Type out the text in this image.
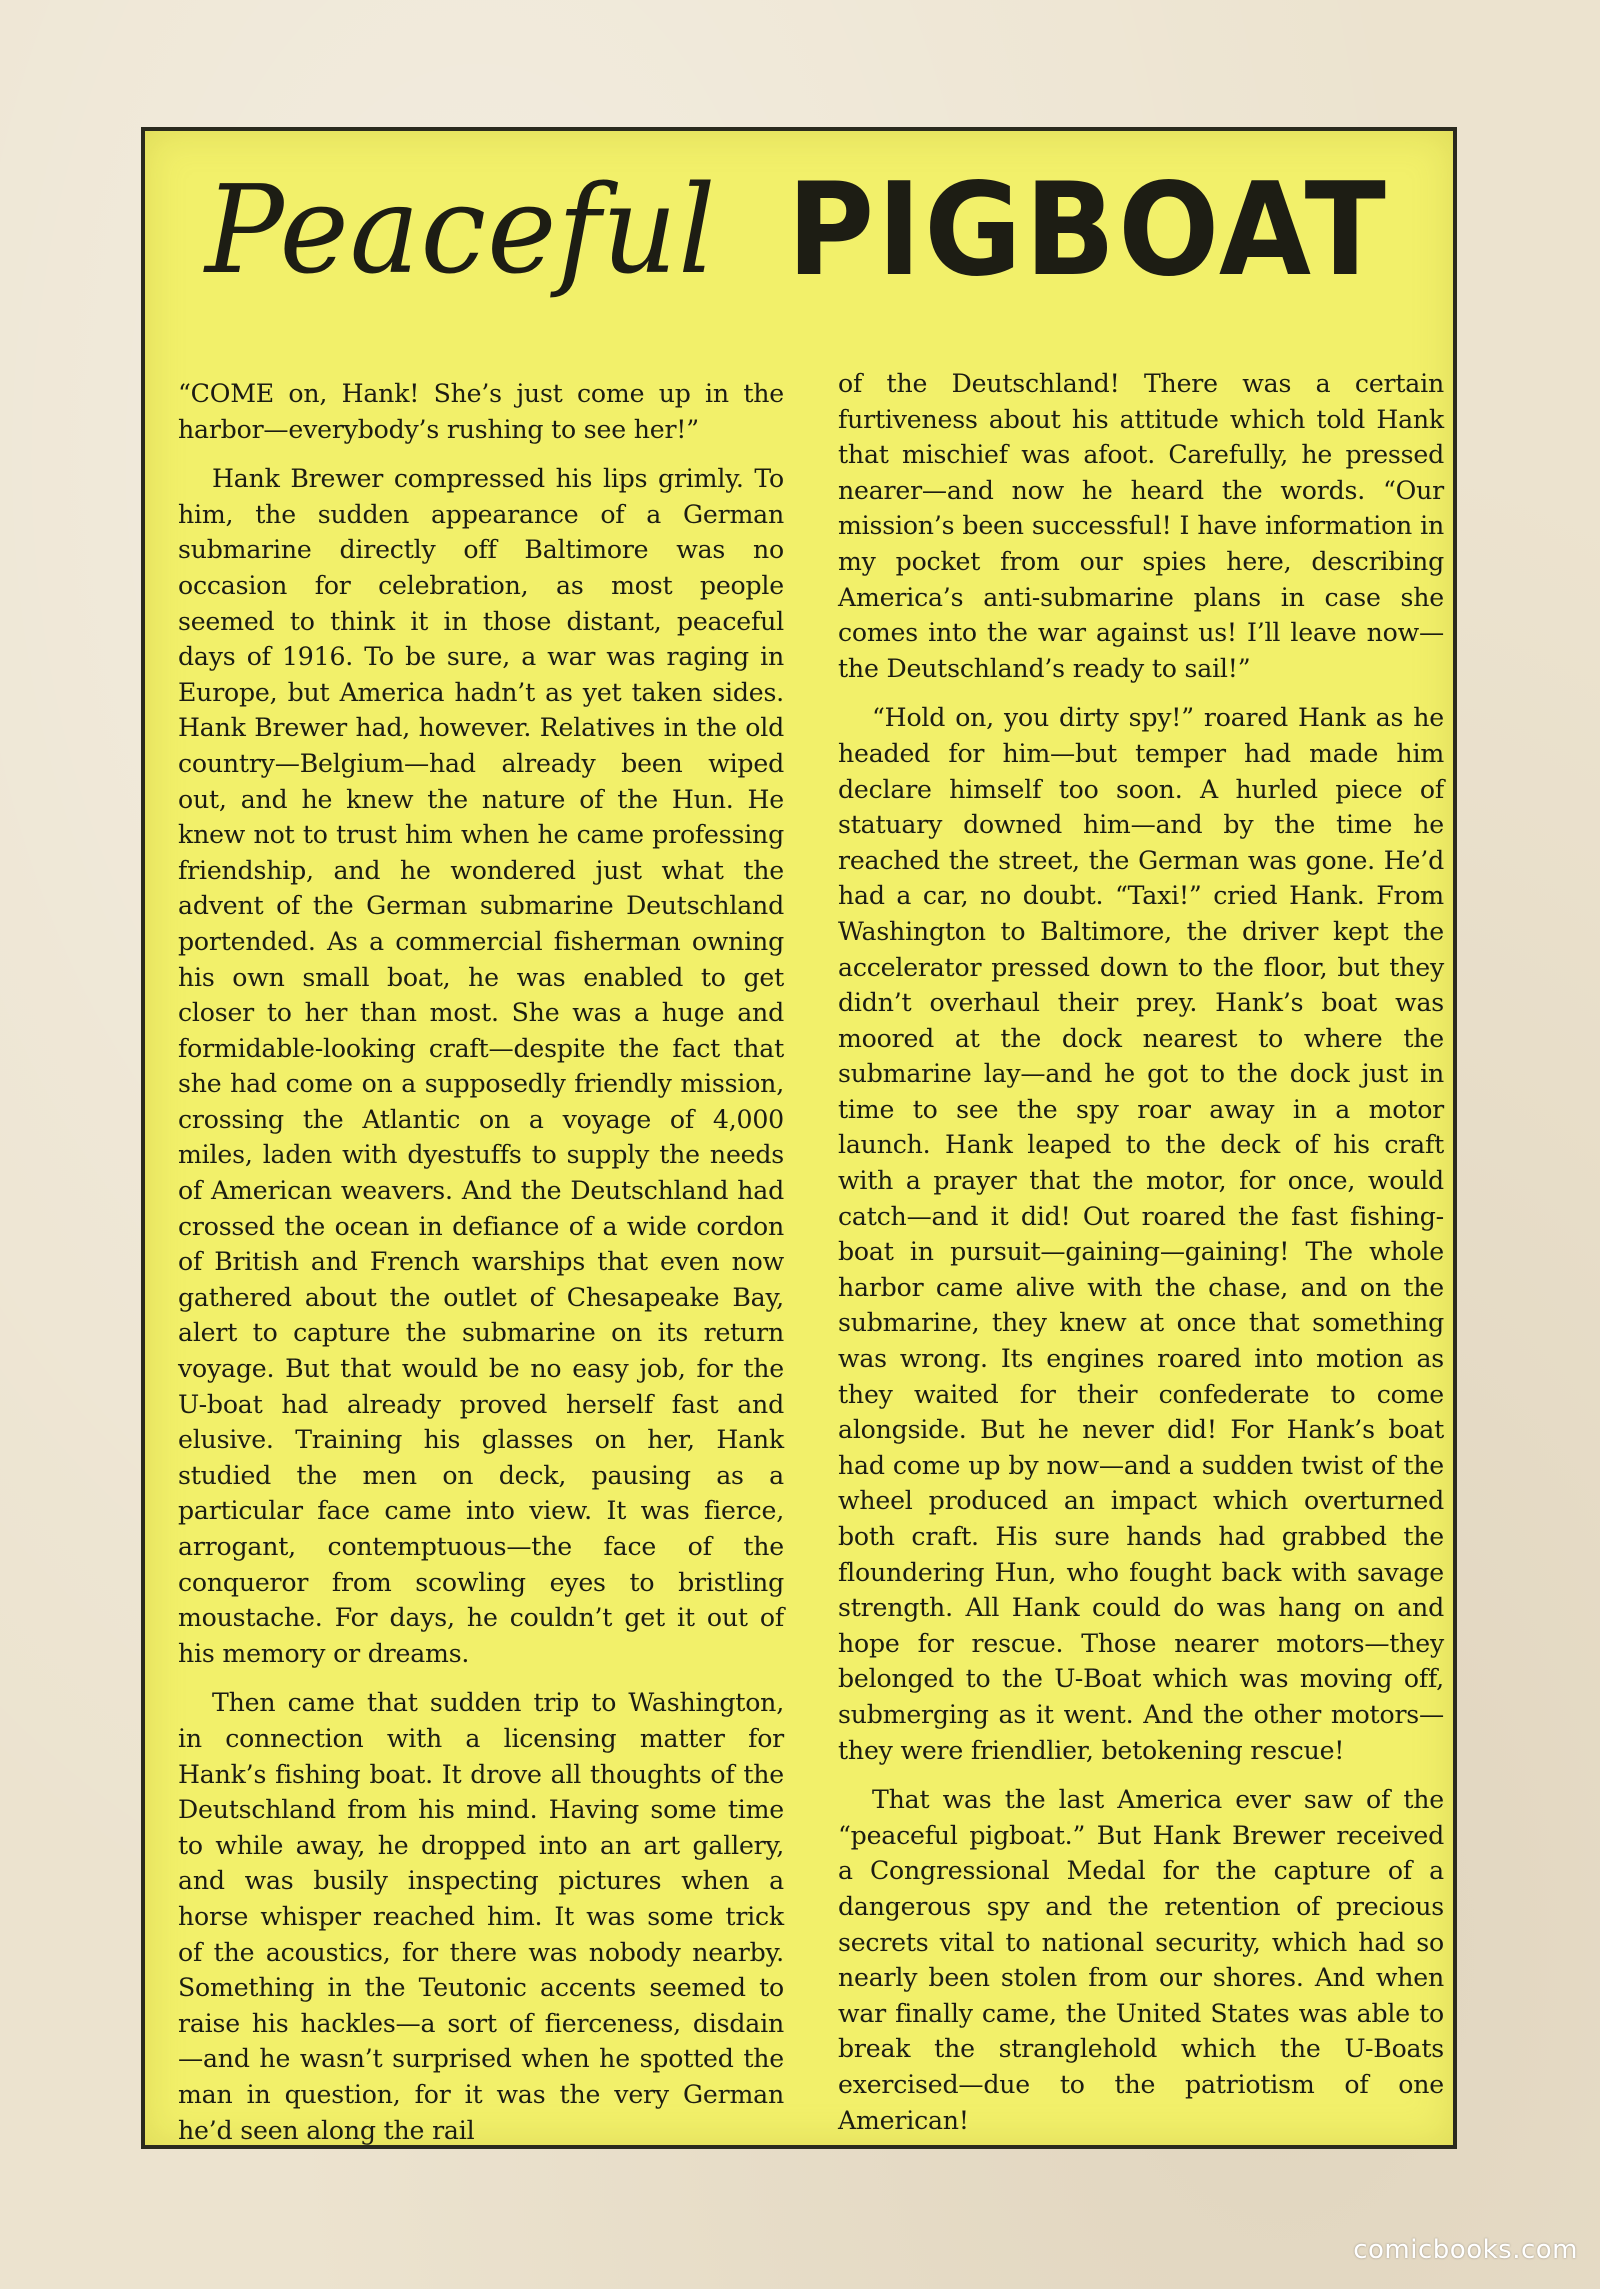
Peaceful PIGBOAT

“COME on, Hank! She’s just come up in the harbor—everybody’s rushing to see her!”

Hank Brewer compressed his lips grimly. To him, the sudden appearance of a German submarine directly off Baltimore was no occasion for celebration, as most people seemed to think it in those distant, peaceful days of 1916. To be sure, a war was raging in Europe, but America hadn’t as yet taken sides. Hank Brewer had, however. Relatives in the old country—Belgium—had already been wiped out, and he knew the nature of the Hun. He knew not to trust him when he came professing friendship, and he wondered just what the advent of the German submarine Deutschland portended. As a commercial fisherman owning his own small boat, he was enabled to get closer to her than most. She was a huge and formidable-looking craft—despite the fact that she had come on a supposedly friendly mission, crossing the Atlantic on a voyage of 4,000 miles, laden with dyestuffs to supply the needs of American weavers. And the Deutschland had crossed the ocean in defiance of a wide cordon of British and French warships that even now gathered about the outlet of Chesapeake Bay, alert to capture the submarine on its return voyage. But that would be no easy job, for the U-boat had already proved herself fast and elusive. Training his glasses on her, Hank studied the men on deck, pausing as a particular face came into view. It was fierce, arrogant, contemptuous—the face of the conqueror from scowling eyes to bristling moustache. For days, he couldn’t get it out of his memory or dreams.

Then came that sudden trip to Washington, in connection with a licensing matter for Hank’s fishing boat. It drove all thoughts of the Deutschland from his mind. Having some time to while away, he dropped into an art gallery, and was busily inspecting pictures when a horse whisper reached him. It was some trick of the acoustics, for there was nobody nearby. Something in the Teutonic accents seemed to raise his hackles—a sort of fierceness, disdain—and he wasn’t surprised when he spotted the man in question, for it was the very German he’d seen along the rail

of the Deutschland! There was a certain furtiveness about his attitude which told Hank that mischief was afoot. Carefully, he pressed nearer—and now he heard the words. “Our mission’s been successful! I have information in my pocket from our spies here, describing America’s anti-submarine plans in case she comes into the war against us! I’ll leave now—the Deutschland’s ready to sail!”

“Hold on, you dirty spy!” roared Hank as he headed for him—but temper had made him declare himself too soon. A hurled piece of statuary downed him—and by the time he reached the street, the German was gone. He’d had a car, no doubt. “Taxi!” cried Hank. From Washington to Baltimore, the driver kept the accelerator pressed down to the floor, but they didn’t overhaul their prey. Hank’s boat was moored at the dock nearest to where the submarine lay—and he got to the dock just in time to see the spy roar away in a motor launch. Hank leaped to the deck of his craft with a prayer that the motor, for once, would catch—and it did! Out roared the fast fishing-boat in pursuit—gaining—gaining! The whole harbor came alive with the chase, and on the submarine, they knew at once that something was wrong. Its engines roared into motion as they waited for their confederate to come alongside. But he never did! For Hank’s boat had come up by now—and a sudden twist of the wheel produced an impact which overturned both craft. His sure hands had grabbed the floundering Hun, who fought back with savage strength. All Hank could do was hang on and hope for rescue. Those nearer motors—they belonged to the U-Boat which was moving off, submerging as it went. And the other motors—they were friendlier, betokening rescue!

That was the last America ever saw of the “peaceful pigboat.” But Hank Brewer received a Congressional Medal for the capture of a dangerous spy and the retention of precious secrets vital to national security, which had so nearly been stolen from our shores. And when war finally came, the United States was able to break the stranglehold which the U-Boats exercised—due to the patriotism of one American!

comicbooks.com
